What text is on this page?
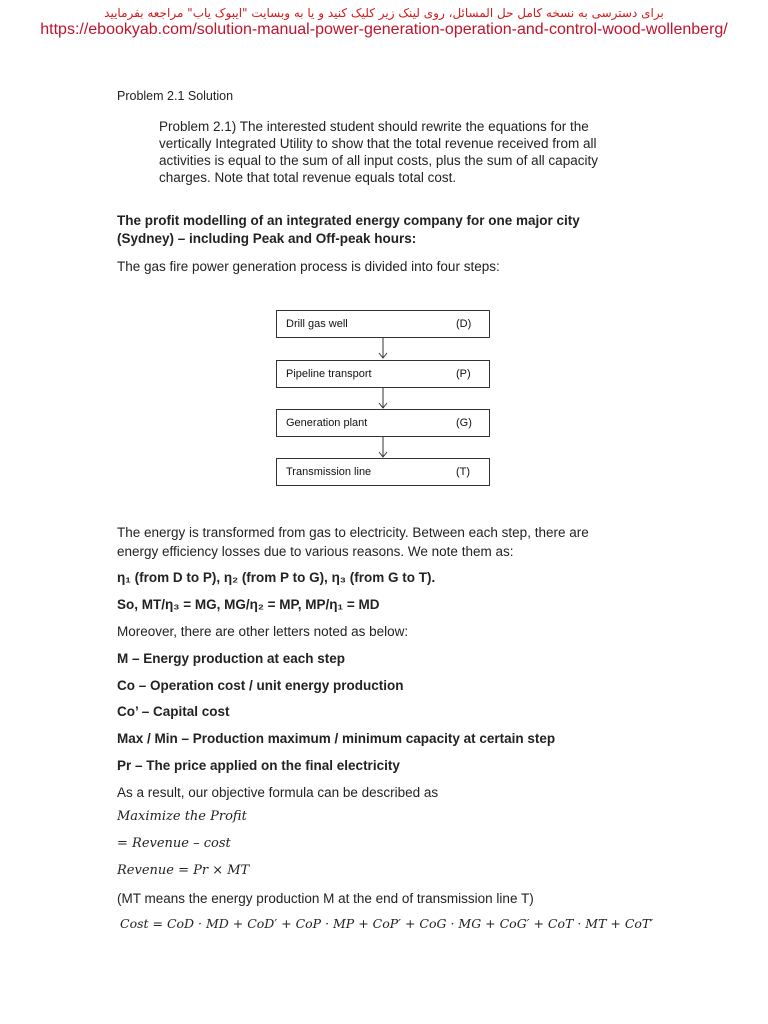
برای دسترسی به نسخه کامل حل المسائل، روی لینک زیر کلیک کنید و یا به وبسایت "ایبوک یاب" مراجعه بفرمایید
https://ebookyab.com/solution-manual-power-generation-operation-and-control-wood-wollenberg/
Problem 2.1 Solution
Problem 2.1) The interested student should rewrite the equations for the
vertically Integrated Utility to show that the total revenue received from all
activities is equal to the sum of all input costs, plus the sum of all capacity
charges. Note that total revenue equals total cost.
The profit modelling of an integrated energy company for one major city
(Sydney) – including Peak and Off-peak hours:
The gas fire power generation process is divided into four steps:
Drill gas well	(D)
Pipeline transport	(P)
Generation plant	(G)
Transmission line	(T)
The energy is transformed from gas to electricity. Between each step, there are
energy efficiency losses due to various reasons. We note them as:
η₁ (from D to P), η₂ (from P to G), η₃ (from G to T).
So, MT/η₃ = MG, MG/η₂ = MP, MP/η₁ = MD
Moreover, there are other letters noted as below:
M – Energy production at each step
Co – Operation cost / unit energy production
Co’ – Capital cost
Max / Min – Production maximum / minimum capacity at certain step
Pr – The price applied on the final electricity
As a result, our objective formula can be described as
Maximize the Profit
= Revenue – cost
Revenue = Pr × MT
(MT means the energy production M at the end of transmission line T)
Cost = CoD · MD + CoD′ + CoP · MP + CoP′ + CoG · MG + CoG′ + CoT · MT + CoT′
